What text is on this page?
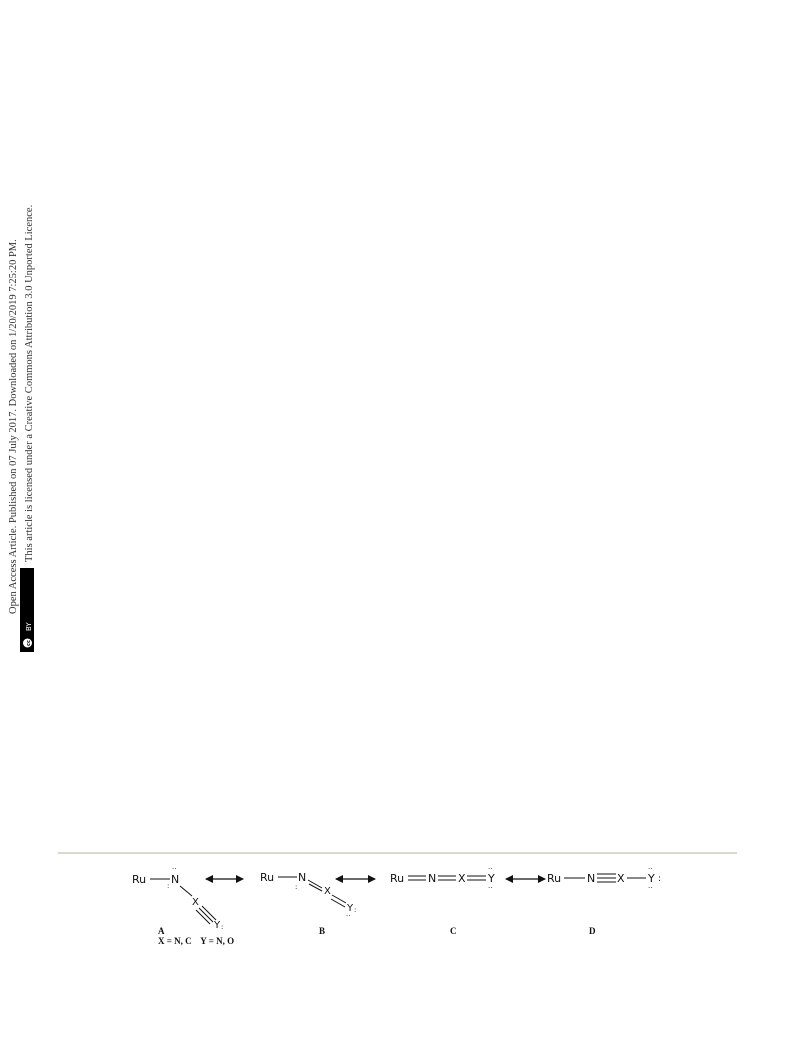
Open Access Article. Published on 07 July 2017. Downloaded on 1/20/2019 7:25:20 PM. This article is licensed under a Creative Commons Attribution 3.0 Unported Licence.
BY
cc
Ru N
··
:
X
Y :
A
X = N, C    Y = N, O
Ru N
:	X
Y :
··
B
Ru N X Y
··
··
C
Ru N X Y
··
··
:
D
